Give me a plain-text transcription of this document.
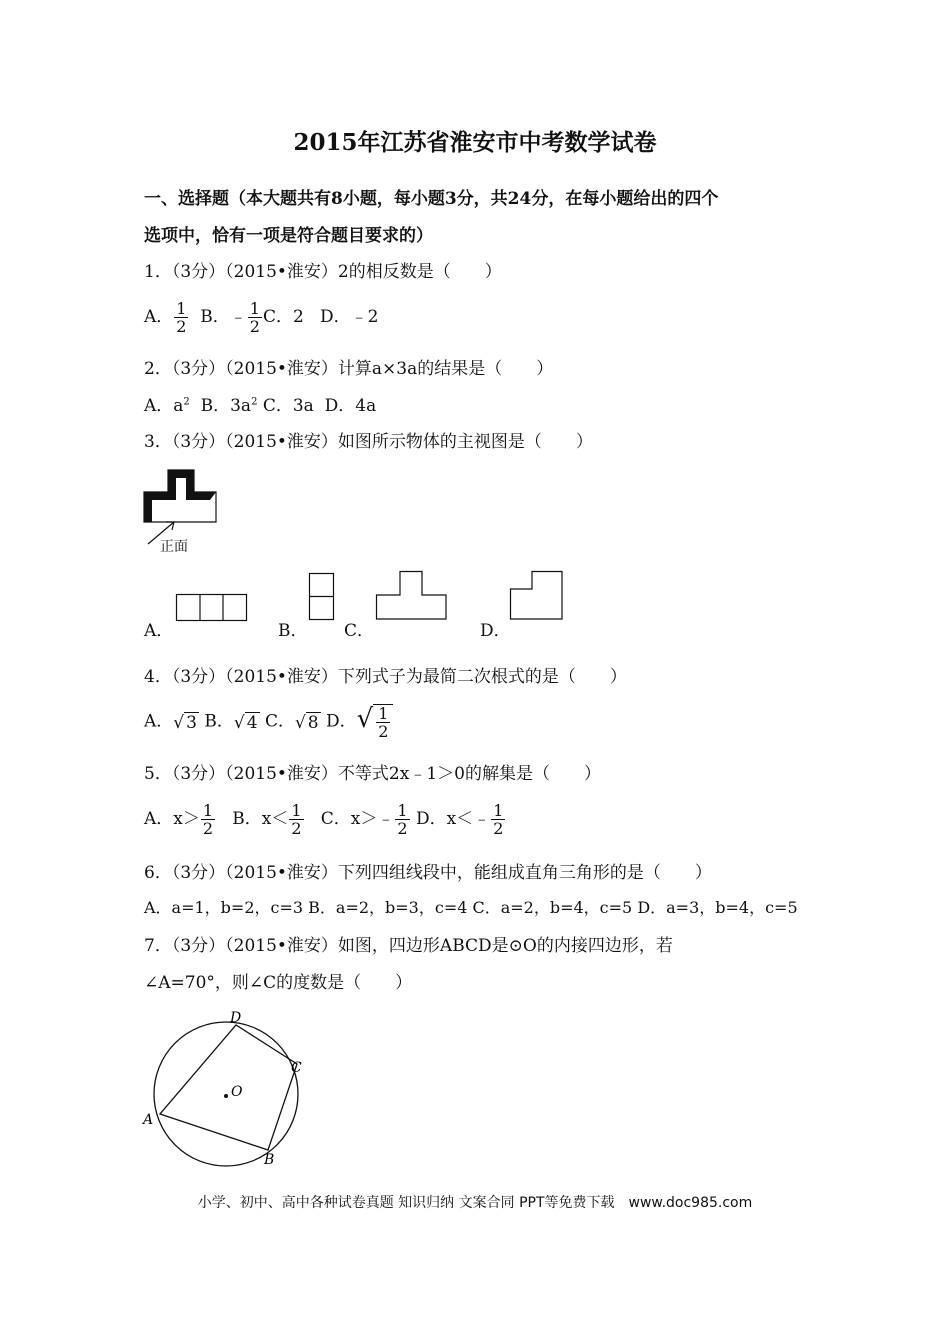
2015年江苏省淮安市中考数学试卷
一、选择题（本大题共有8小题，每小题3分，共24分，在每小题给出的四个
选项中，恰有一项是符合题目要求的）
1．（3分）（2015•淮安）2的相反数是（　　）
A． $\frac{1}{2}$ B．﹣ $\frac{1}{2}$ C．2 D．﹣2
2．（3分）（2015•淮安）计算a×3a的结果是（　　）
A．$a^2$ B．$3a^2$ C．3a D．4a
3．（3分）（2015•淮安）如图所示物体的主视图是（　　）
正面
A．	B． C．	D．
4．（3分）（2015•淮安）下列式子为最简二次根式的是（　　）
A．√ 3 B．√ 4 C．√ 8 D．√ $\frac{1}{2}$
5．（3分）（2015•淮安）不等式2x﹣1＞0的解集是（　　）
A．$x> \frac{1}{2}$ B．$x< \frac{1}{2}$ C．x＞﹣ $\frac{1}{2}$ D．x＜﹣ $\frac{1}{2}$
6．（3分）（2015•淮安）下列四组线段中，能组成直角三角形的是（　　）
A．a=1，b=2，c=3 B．a=2，b=3，c=4 C．a=2，b=4，c=5 D．a=3，b=4，c=5
7．（3分）（2015•淮安）如图，四边形ABCD是⊙O的内接四边形，若
∠A=70°，则∠C的度数是（　　）
O
A
B
C
D
小学、初中、高中各种试卷真题 知识归纳 文案合同 PPT等免费下载　www.doc985.com
